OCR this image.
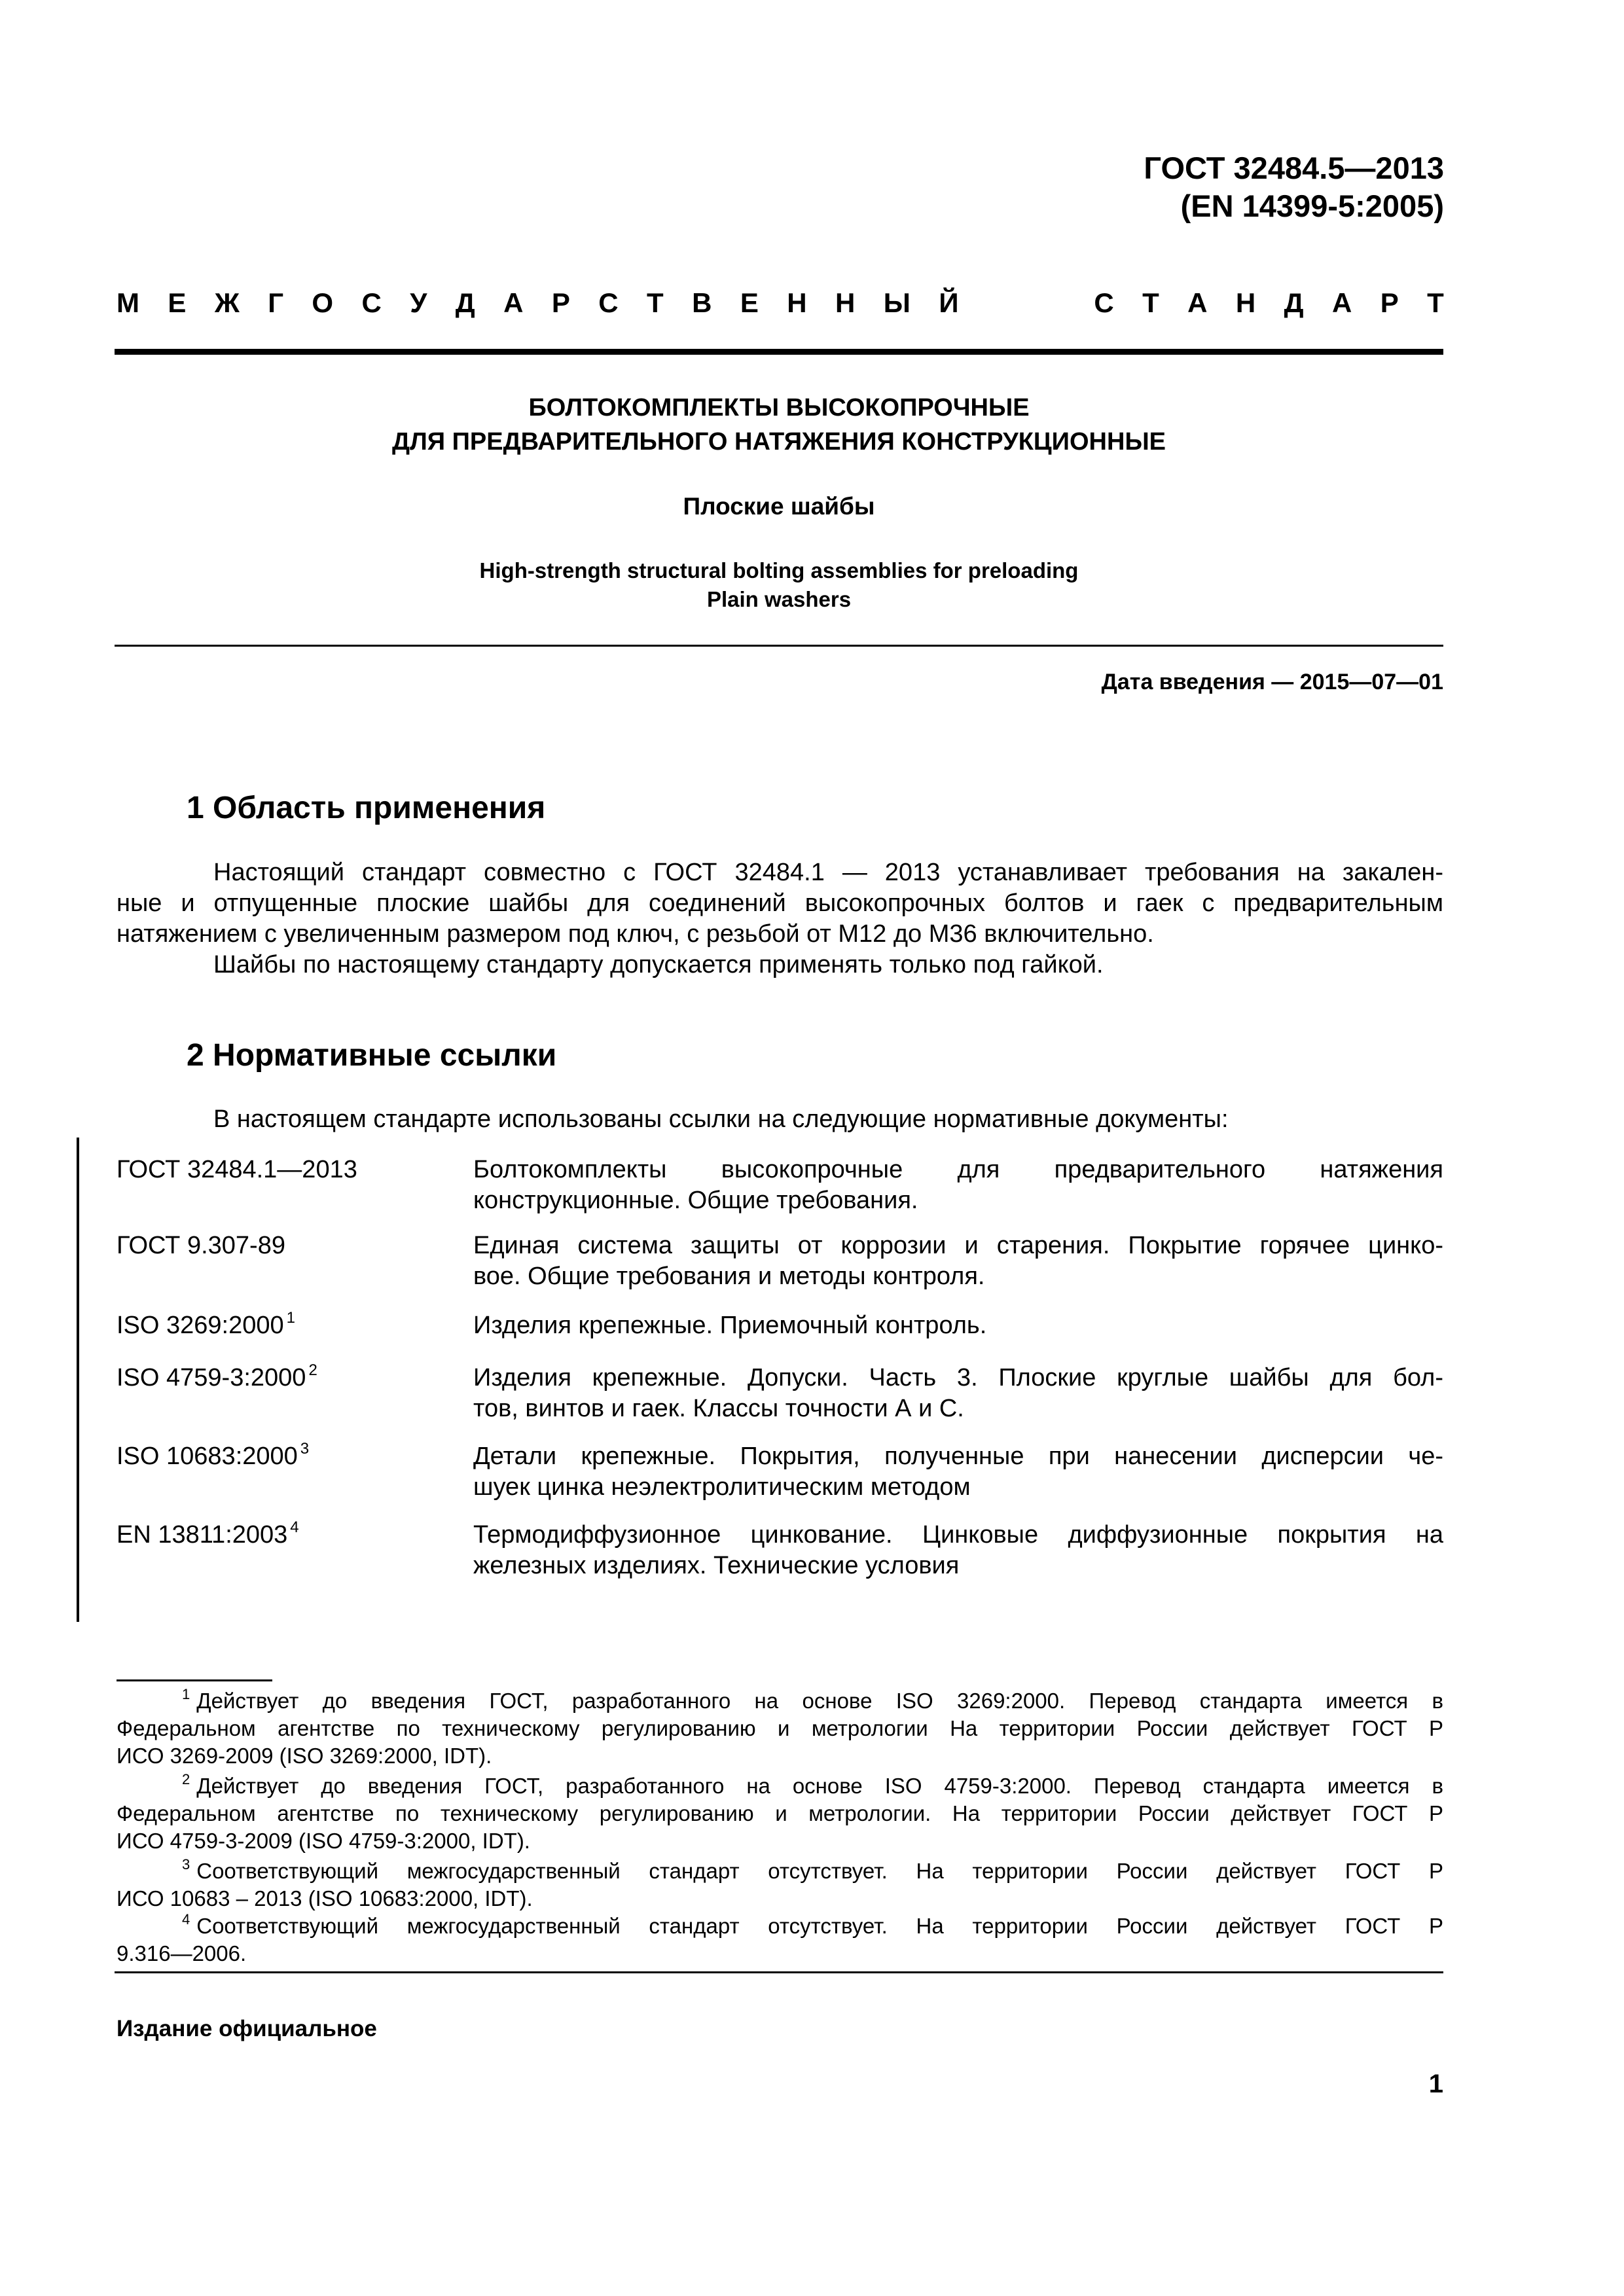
ГОСТ 32484.5—2013
(EN 14399-5:2005)
М Е Ж Г О С У Д А Р С Т В Е Н Н Ы Й	С Т А Н Д А Р Т
БОЛТОКОМПЛЕКТЫ ВЫСОКОПРОЧНЫЕ
ДЛЯ ПРЕДВАРИТЕЛЬНОГО НАТЯЖЕНИЯ КОНСТРУКЦИОННЫЕ
Плоские шайбы
High-strength structural bolting assemblies for preloading
Plain washers
Дата введения — 2015—07—01
1 Область применения
Настоящий стандарт совместно с ГОСТ 32484.1 — 2013 устанавливает требования на закален-
ные и отпущенные плоские шайбы для соединений высокопрочных болтов и гаек с предварительным
натяжением с увеличенным размером под ключ, с резьбой от М12 до М36 включительно.
Шайбы по настоящему стандарту допускается применять только под гайкой.
2 Нормативные ссылки
В настоящем стандарте использованы ссылки на следующие нормативные документы:
ГОСТ 32484.1—2013	Болтокомплекты высокопрочные для предварительного натяжения
конструкционные. Общие требования.
ГОСТ 9.307-89	Единая система защиты от коррозии и старения. Покрытие горячее цинко-
вое. Общие требования и методы контроля.
ISO 3269:2000 $^1$	Изделия крепежные. Приемочный контроль.
ISO 4759-3:2000 $^2$	Изделия крепежные. Допуски. Часть 3. Плоские круглые шайбы для бол-
тов, винтов и гаек. Классы точности А и С.
ISO 10683:2000 $^3$	Детали крепежные. Покрытия, полученные при нанесении дисперсии че-
шуек цинка неэлектролитическим методом
EN 13811:2003 $^4$	Термодиффузионное цинкование. Цинковые диффузионные покрытия на
железных изделиях. Технические условия
$^1$ Действует до введения ГОСТ, разработанного на основе ISO 3269:2000. Перевод стандарта имеется в
Федеральном агентстве по техническому регулированию и метрологии На территории России действует ГОСТ Р
ИСО 3269-2009 (ISO 3269:2000, IDT).
$^2$ Действует до введения ГОСТ, разработанного на основе ISO 4759-3:2000. Перевод стандарта имеется в
Федеральном агентстве по техническому регулированию и метрологии. На территории России действует ГОСТ Р
ИСО 4759-3-2009 (ISO 4759-3:2000, IDT).
$^3$ Соответствующий межгосударственный стандарт отсутствует. На территории России действует ГОСТ Р
ИСО 10683 – 2013 (ISO 10683:2000, IDT).
$^4$ Соответствующий межгосударственный стандарт отсутствует. На территории России действует ГОСТ Р
9.316—2006.
Издание официальное
1
